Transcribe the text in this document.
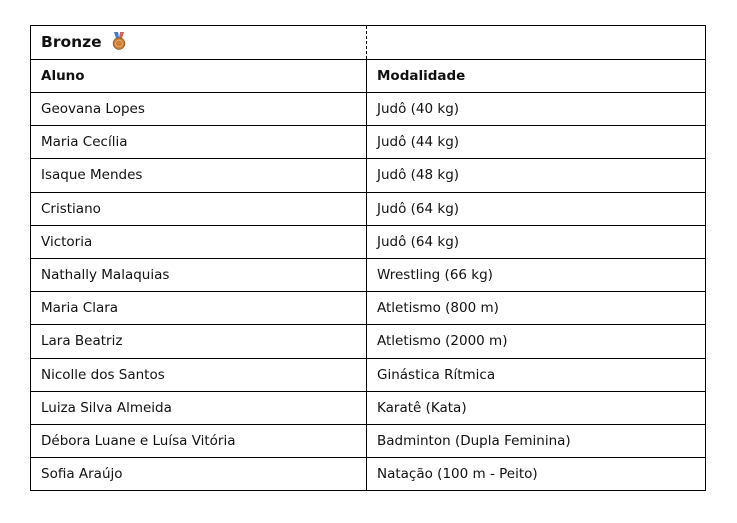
Bronze	
Aluno	Modalidade
Geovana Lopes	Judô (40 kg)
Maria Cecília	Judô (44 kg)
Isaque Mendes	Judô (48 kg)
Cristiano	Judô (64 kg)
Victoria	Judô (64 kg)
Nathally Malaquias	Wrestling (66 kg)
Maria Clara	Atletismo (800 m)
Lara Beatriz	Atletismo (2000 m)
Nicolle dos Santos	Ginástica Rítmica
Luiza Silva Almeida	Karatê (Kata)
Débora Luane e Luísa Vitória	Badminton (Dupla Feminina)
Sofia Araújo	Natação (100 m - Peito)
